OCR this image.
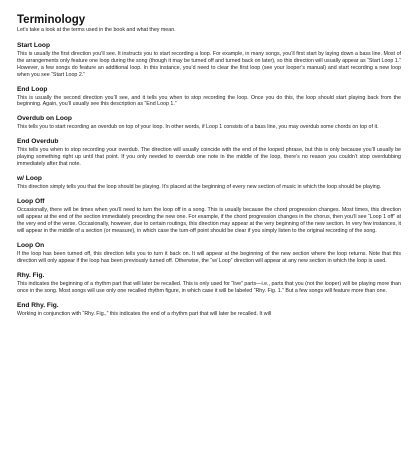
Terminology

Let’s take a look at the terms used in the book and what they mean.

Start Loop

This is usually the first direction you’ll see. It instructs you to start recording a loop. For example, in many songs, you’ll first start by laying down a bass line. Most of the arrangements only feature one loop during the song (though it may be turned off and turned back on later), so this direction will usually appear as “Start Loop 1.” However, a few songs do feature an additional loop. In this instance, you’d need to clear the first loop (see your looper’s manual) and start recording a new loop when you see “Start Loop 2.”

End Loop

This is usually the second direction you’ll see, and it tells you when to stop recording the loop. Once you do this, the loop should start playing back from the beginning. Again, you’ll usually see this description as “End Loop 1.”

Overdub on Loop

This tells you to start recording an overdub on top of your loop. In other words, if Loop 1 consists of a bass line, you may overdub some chords on top of it.

End Overdub

This tells you when to stop recording your overdub. The direction will usually coincide with the end of the looped phrase, but this is only because you’ll usually be playing something right up until that point. If you only needed to overdub one note in the middle of the loop, there’s no reason you couldn’t stop overdubbing immediately after that note.

w/ Loop

This direction simply tells you that the loop should be playing. It’s placed at the beginning of every new section of music in which the loop should be playing.

Loop Off

Occasionally, there will be times when you’ll need to turn the loop off in a song. This is usually because the chord progression changes. Most times, this direction will appear at the end of the section immediately preceding the new one. For example, if the chord progression changes in the chorus, then you’ll see “Loop 1 off” at the very end of the verse. Occasionally, however, due to certain routings, this direction may appear at the very beginning of the new section. In very few instances, it will appear in the middle of a section (or measure), in which case the turn-off point should be clear if you simply listen to the original recording of the song.

Loop On

If the loop has been turned off, this direction tells you to turn it back on. It will appear at the beginning of the new section where the loop returns. Note that this direction will only appear if the loop has been previously turned off. Otherwise, the “w/ Loop” direction will appear at any new section in which the loop is used.

Rhy. Fig.

This indicates the beginning of a rhythm part that will later be recalled. This is only used for “live” parts—i.e., parts that you (not the looper) will be playing more than once in the song. Most songs will use only one recalled rhythm figure, in which case it will be labeled “Rhy. Fig. 1.” But a few songs will feature more than one.

End Rhy. Fig.

Working in conjunction with “Rhy. Fig.,” this indicates the end of a rhythm part that will later be recalled. It will
